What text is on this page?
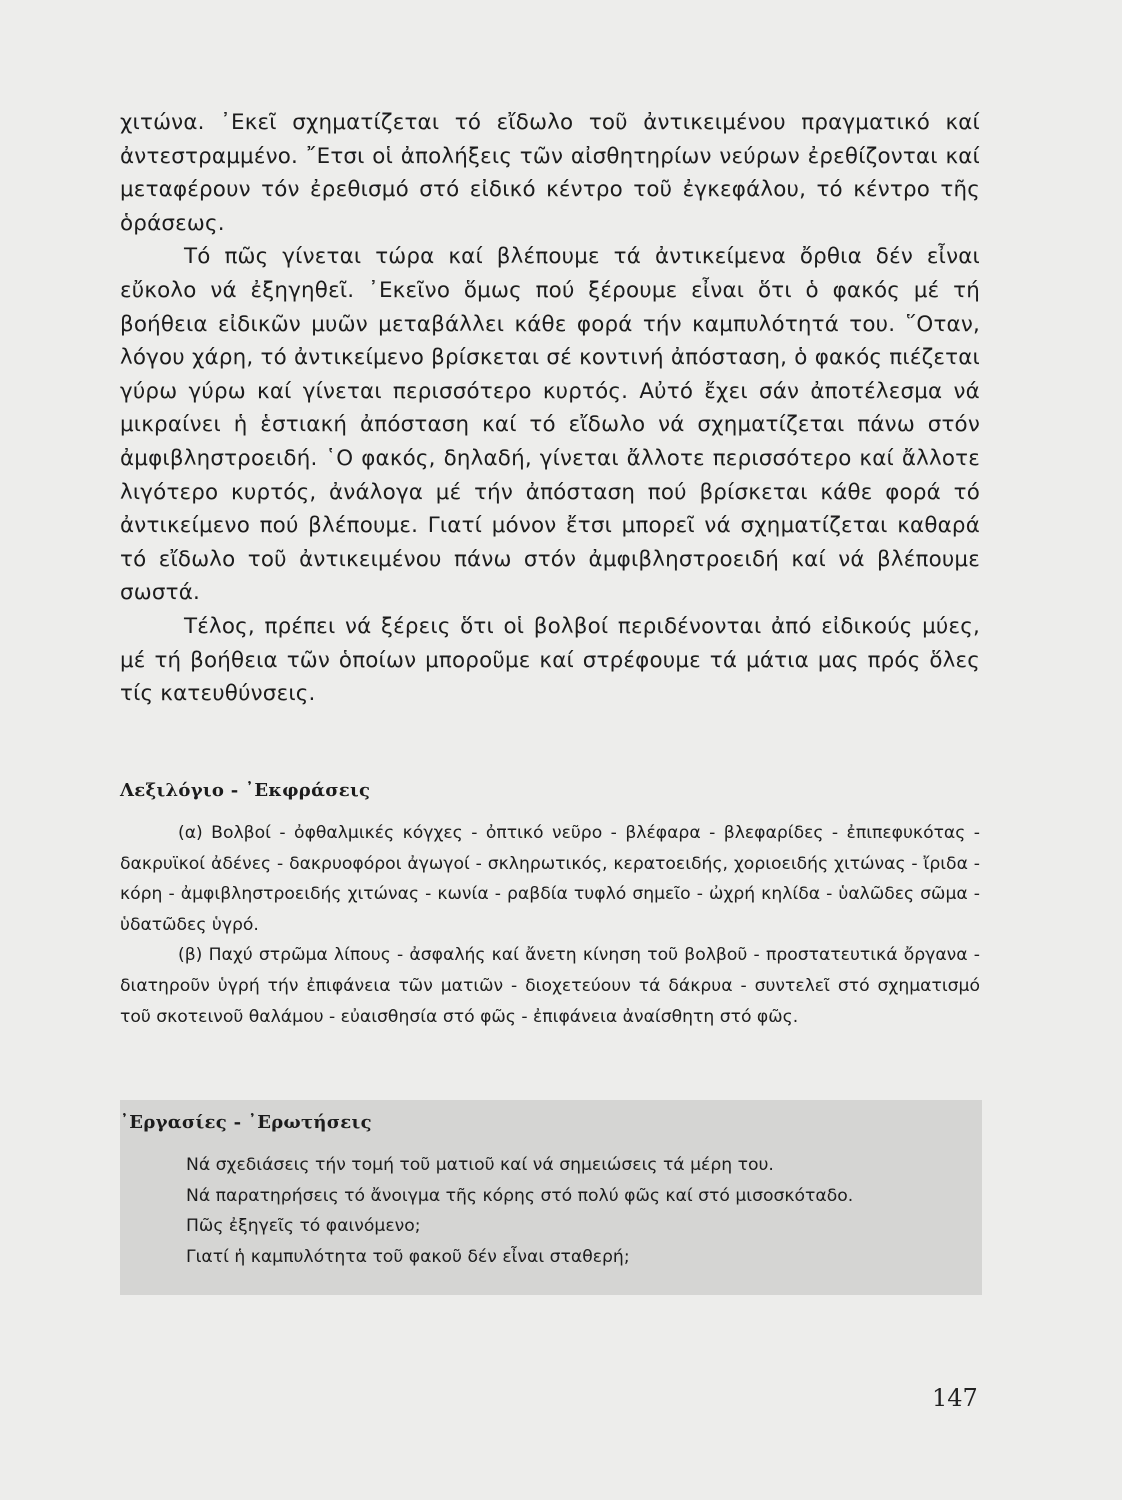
χιτώνα. ᾿Εκεῖ σχηματίζεται τό εἴδωλο τοῦ ἀντικειμένου πραγματικό καί ἀντεστραμμένο. ῎Ετσι οἱ ἀπολήξεις τῶν αἰσθητηρίων νεύρων ἐρεθίζονται καί μεταφέρουν τόν ἐρεθισμό στό εἰδικό κέντρο τοῦ ἐγκεφάλου, τό κέντρο τῆς ὁράσεως.

Τό πῶς γίνεται τώρα καί βλέπουμε τά ἀντικείμενα ὄρθια δέν εἶναι εὔκολο νά ἐξηγηθεῖ. ᾿Εκεῖνο ὅμως πού ξέρουμε εἶναι ὅτι ὁ φακός μέ τή βοήθεια εἰδικῶν μυῶν μεταβάλλει κάθε φορά τήν καμπυλότητά του. ῞Οταν, λόγου χάρη, τό ἀντικείμενο βρίσκεται σέ κοντινή ἀπόσταση, ὁ φακός πιέζεται γύρω γύρω καί γίνεται περισσότερο κυρτός. Αὐτό ἔχει σάν ἀποτέλεσμα νά μικραίνει ἡ ἑστιακή ἀπόσταση καί τό εἴδωλο νά σχηματίζεται πάνω στόν ἀμφιβληστροειδή. ῾Ο φακός, δηλαδή, γίνεται ἄλλοτε περισσότερο καί ἄλλοτε λιγότερο κυρτός, ἀνάλογα μέ τήν ἀπόσταση πού βρίσκεται κάθε φορά τό ἀντικείμενο πού βλέπουμε. Γιατί μόνον ἔτσι μπορεῖ νά σχηματίζεται καθαρά τό εἴδωλο τοῦ ἀντικειμένου πάνω στόν ἀμφιβληστροειδή καί νά βλέπουμε σωστά.

Τέλος, πρέπει νά ξέρεις ὅτι οἱ βολβοί περιδένονται ἀπό εἰδικούς μύες, μέ τή βοήθεια τῶν ὁποίων μποροῦμε καί στρέφουμε τά μάτια μας πρός ὅλες τίς κατευθύνσεις.

Λεξιλόγιο - ᾿Εκφράσεις

(α) Βολβοί - ὀφθαλμικές κόγχες - ὀπτικό νεῦρο - βλέφαρα - βλεφαρίδες - ἐπιπεφυκότας - δακρυϊκοί ἀδένες - δακρυοφόροι ἀγωγοί - σκληρωτικός, κερατοειδής, χοριοειδής χιτώνας - ἴριδα - κόρη - ἀμφιβληστροειδής χιτώνας - κωνία - ραβδία τυφλό σημεῖο - ὠχρή κηλίδα - ὑαλῶδες σῶμα - ὑδατῶδες ὑγρό.

(β) Παχύ στρῶμα λίπους - ἀσφαλής καί ἄνετη κίνηση τοῦ βολβοῦ - προστατευτικά ὄργανα - διατηροῦν ὑγρή τήν ἐπιφάνεια τῶν ματιῶν - διοχετεύουν τά δάκρυα - συντελεῖ στό σχηματισμό τοῦ σκοτεινοῦ θαλάμου - εὐαισθησία στό φῶς - ἐπιφάνεια ἀναίσθητη στό φῶς.

᾿Εργασίες - ᾿Ερωτήσεις
Νά σχεδιάσεις τήν τομή τοῦ ματιοῦ καί νά σημειώσεις τά μέρη του.
Νά παρατηρήσεις τό ἄνοιγμα τῆς κόρης στό πολύ φῶς καί στό μισοσκόταδο.
Πῶς ἐξηγεῖς τό φαινόμενο;
Γιατί ἡ καμπυλότητα τοῦ φακοῦ δέν εἶναι σταθερή;
147
